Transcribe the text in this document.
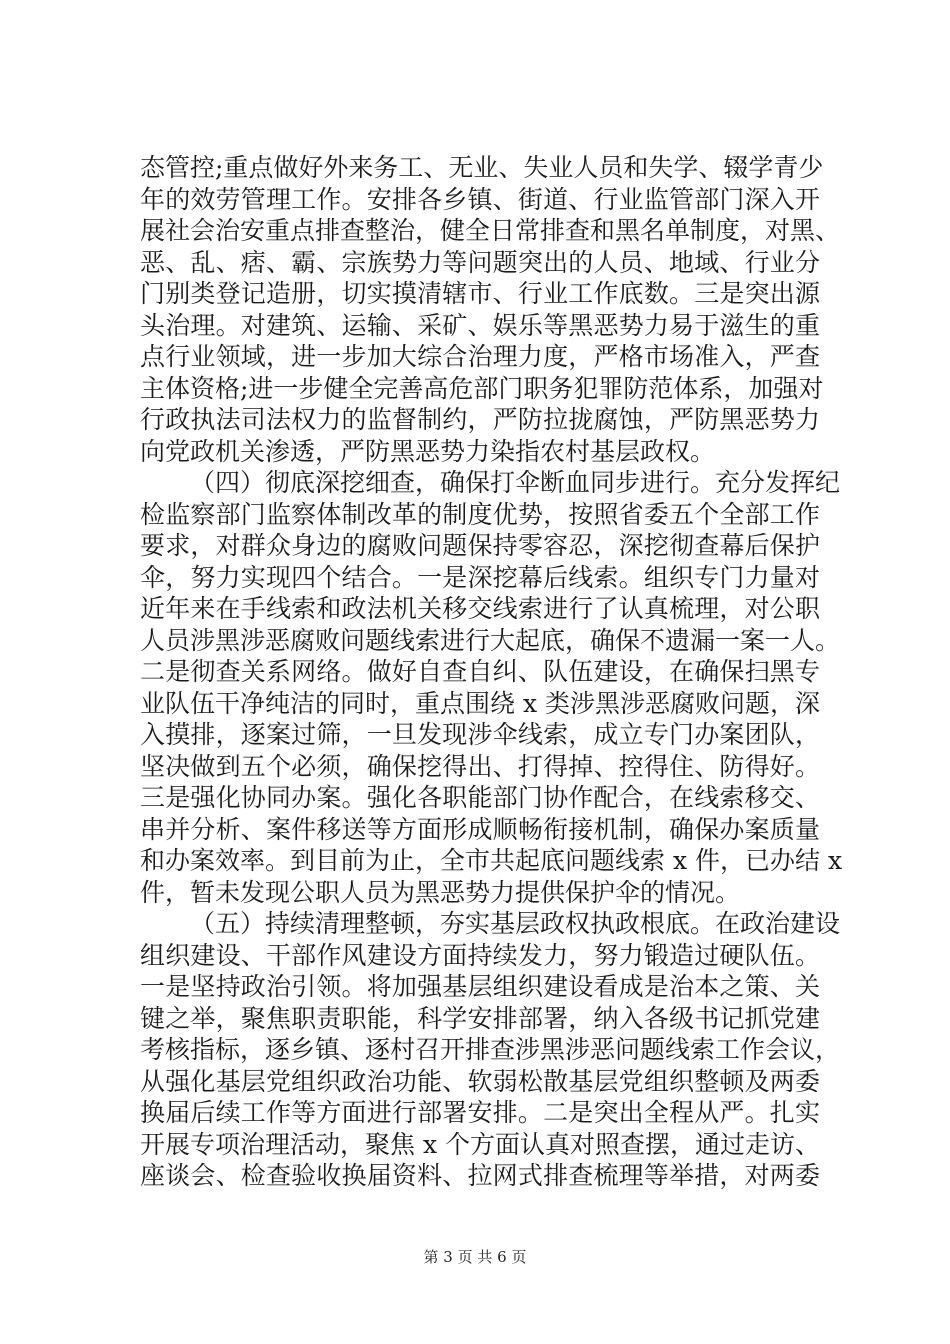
态管控;重点做好外来务工、无业、失业人员和失学、辍学青少
年的效劳管理工作。安排各乡镇、街道、行业监管部门深入开
展社会治安重点排查整治，健全日常排查和黑名单制度，对黑、
恶、乱、痞、霸、宗族势力等问题突出的人员、地域、行业分
门别类登记造册，切实摸清辖市、行业工作底数。三是突出源
头治理。对建筑、运输、采矿、娱乐等黑恶势力易于滋生的重
点行业领域，进一步加大综合治理力度，严格市场准入，严查
主体资格;进一步健全完善高危部门职务犯罪防范体系，加强对
行政执法司法权力的监督制约，严防拉拢腐蚀，严防黑恶势力
向党政机关渗透，严防黑恶势力染指农村基层政权。
（四）彻底深挖细查，确保打伞断血同步进行。充分发挥纪
检监察部门监察体制改革的制度优势，按照省委五个全部工作
要求，对群众身边的腐败问题保持零容忍，深挖彻查幕后保护
伞，努力实现四个结合。一是深挖幕后线索。组织专门力量对
近年来在手线索和政法机关移交线索进行了认真梳理，对公职
人员涉黑涉恶腐败问题线索进行大起底，确保不遗漏一案一人。
二是彻查关系网络。做好自查自纠、队伍建设，在确保扫黑专
业队伍干净纯洁的同时，重点围绕 x 类涉黑涉恶腐败问题，深
入摸排，逐案过筛，一旦发现涉伞线索，成立专门办案团队，
坚决做到五个必须，确保挖得出、打得掉、控得住、防得好。
三是强化协同办案。强化各职能部门协作配合，在线索移交、
串并分析、案件移送等方面形成顺畅衔接机制，确保办案质量
和办案效率。到目前为止，全市共起底问题线索 x 件，已办结 x
件，暂未发现公职人员为黑恶势力提供保护伞的情况。
（五）持续清理整顿，夯实基层政权执政根底。在政治建设
组织建设、干部作风建设方面持续发力，努力锻造过硬队伍。
一是坚持政治引领。将加强基层组织建设看成是治本之策、关
键之举，聚焦职责职能，科学安排部署，纳入各级书记抓党建
考核指标，逐乡镇、逐村召开排查涉黑涉恶问题线索工作会议，
从强化基层党组织政治功能、软弱松散基层党组织整顿及两委
换届后续工作等方面进行部署安排。二是突出全程从严。扎实
开展专项治理活动，聚焦 x 个方面认真对照查摆，通过走访、
座谈会、检查验收换届资料、拉网式排查梳理等举措，对两委
第 3 页 共 6 页
